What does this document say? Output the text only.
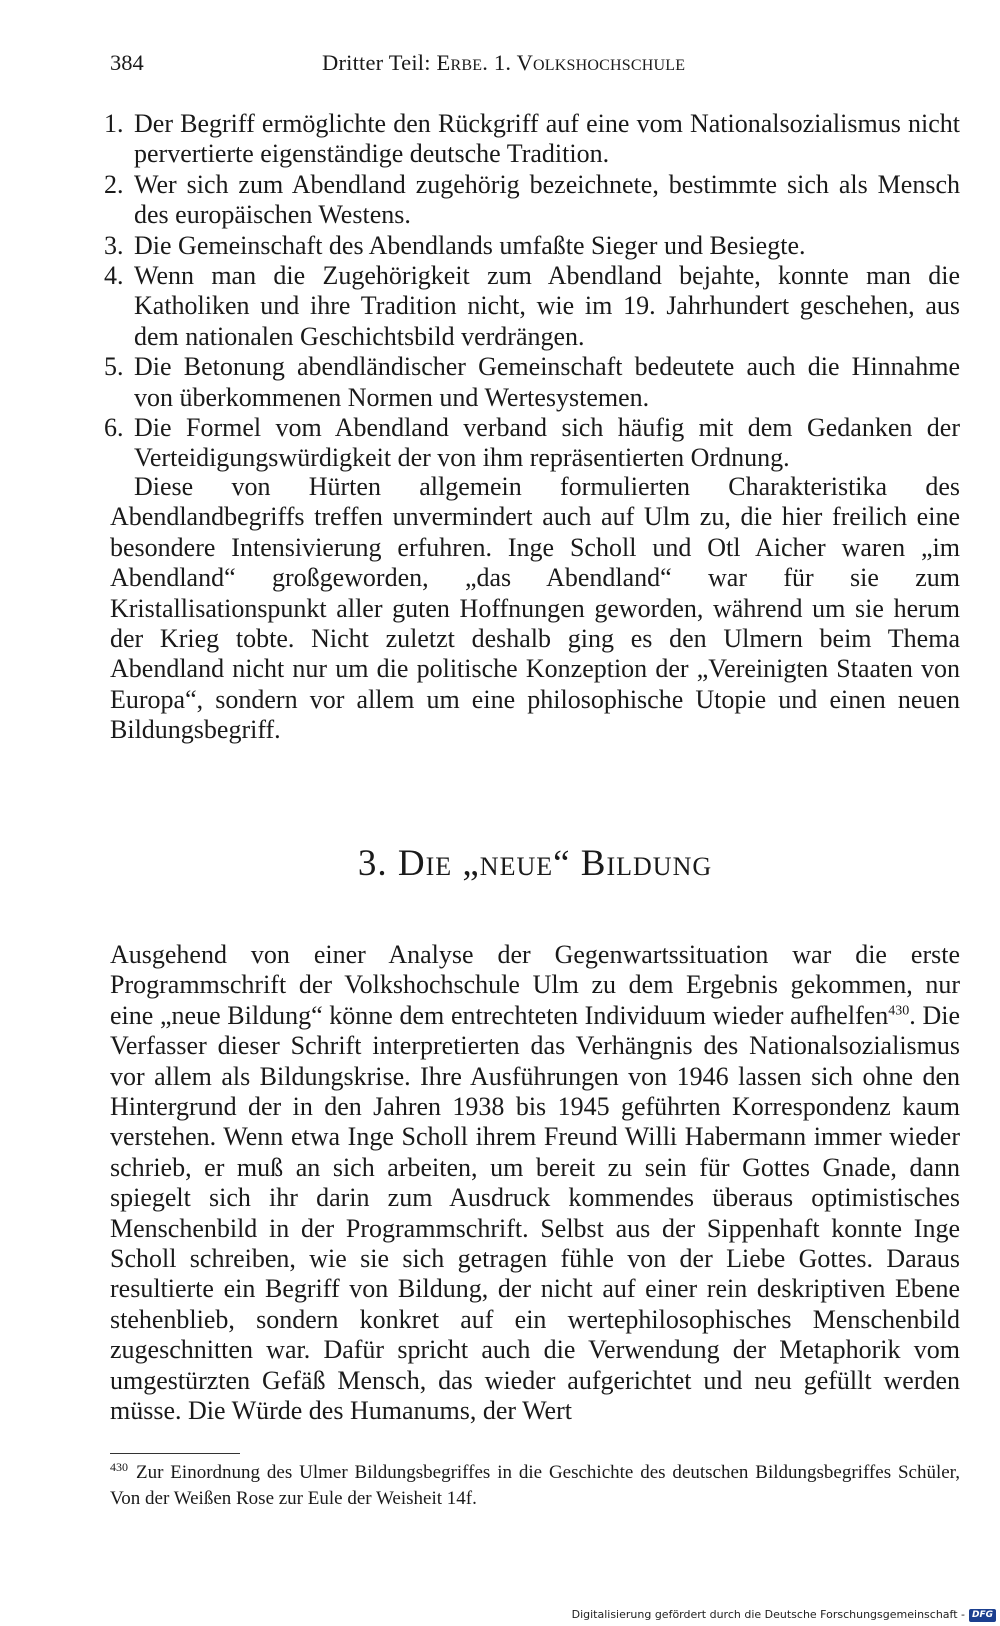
384	Dritter Teil: Erbe. 1. Volkshochschule
1. Der Begriff ermöglichte den Rückgriff auf eine vom Nationalsozialismus nicht pervertierte eigenständige deutsche Tradition.
2. Wer sich zum Abendland zugehörig bezeichnete, bestimmte sich als Mensch des europäischen Westens.
3. Die Gemeinschaft des Abendlands umfaßte Sieger und Besiegte.
4. Wenn man die Zugehörigkeit zum Abendland bejahte, konnte man die Katholiken und ihre Tradition nicht, wie im 19. Jahrhundert geschehen, aus dem nationalen Geschichtsbild verdrängen.
5. Die Betonung abendländischer Gemeinschaft bedeutete auch die Hinnahme von überkommenen Normen und Wertesystemen.
6. Die Formel vom Abendland verband sich häufig mit dem Gedanken der Verteidigungswürdigkeit der von ihm repräsentierten Ordnung.

Diese von Hürten allgemein formulierten Charakteristika des Abendlandbegriffs treffen unvermindert auch auf Ulm zu, die hier freilich eine besondere Intensivierung erfuhren. Inge Scholl und Otl Aicher waren „im Abendland“ großgeworden, „das Abendland“ war für sie zum Kristallisationspunkt aller guten Hoffnungen geworden, während um sie herum der Krieg tobte. Nicht zuletzt deshalb ging es den Ulmern beim Thema Abendland nicht nur um die politische Konzeption der „Vereinigten Staaten von Europa“, sondern vor allem um eine philosophische Utopie und einen neuen Bildungsbegriff.

3. Die „neue“ Bildung

Ausgehend von einer Analyse der Gegenwartssituation war die erste Programmschrift der Volkshochschule Ulm zu dem Ergebnis gekommen, nur eine „neue Bildung“ könne dem entrechteten Individuum wieder aufhelfen$^{430}$. Die Verfasser dieser Schrift interpretierten das Verhängnis des Nationalsozialismus vor allem als Bildungskrise. Ihre Ausführungen von 1946 lassen sich ohne den Hintergrund der in den Jahren 1938 bis 1945 geführten Korrespondenz kaum verstehen. Wenn etwa Inge Scholl ihrem Freund Willi Habermann immer wieder schrieb, er muß an sich arbeiten, um bereit zu sein für Gottes Gnade, dann spiegelt sich ihr darin zum Ausdruck kommendes überaus optimistisches Menschenbild in der Programmschrift. Selbst aus der Sippenhaft konnte Inge Scholl schreiben, wie sie sich getragen fühle von der Liebe Gottes. Daraus resultierte ein Begriff von Bildung, der nicht auf einer rein deskriptiven Ebene stehenblieb, sondern konkret auf ein wertephilosophisches Menschenbild zugeschnitten war. Dafür spricht auch die Verwendung der Metaphorik vom umgestürzten Gefäß Mensch, das wieder aufgerichtet und neu gefüllt werden müsse. Die Würde des Humanums, der Wert

$^{430}$ Zur Einordnung des Ulmer Bildungsbegriffes in die Geschichte des deutschen Bildungsbegriffes Schüler, Von der Weißen Rose zur Eule der Weisheit 14f.

Digitalisierung gefördert durch die Deutsche Forschungsgemeinschaft - DFG
